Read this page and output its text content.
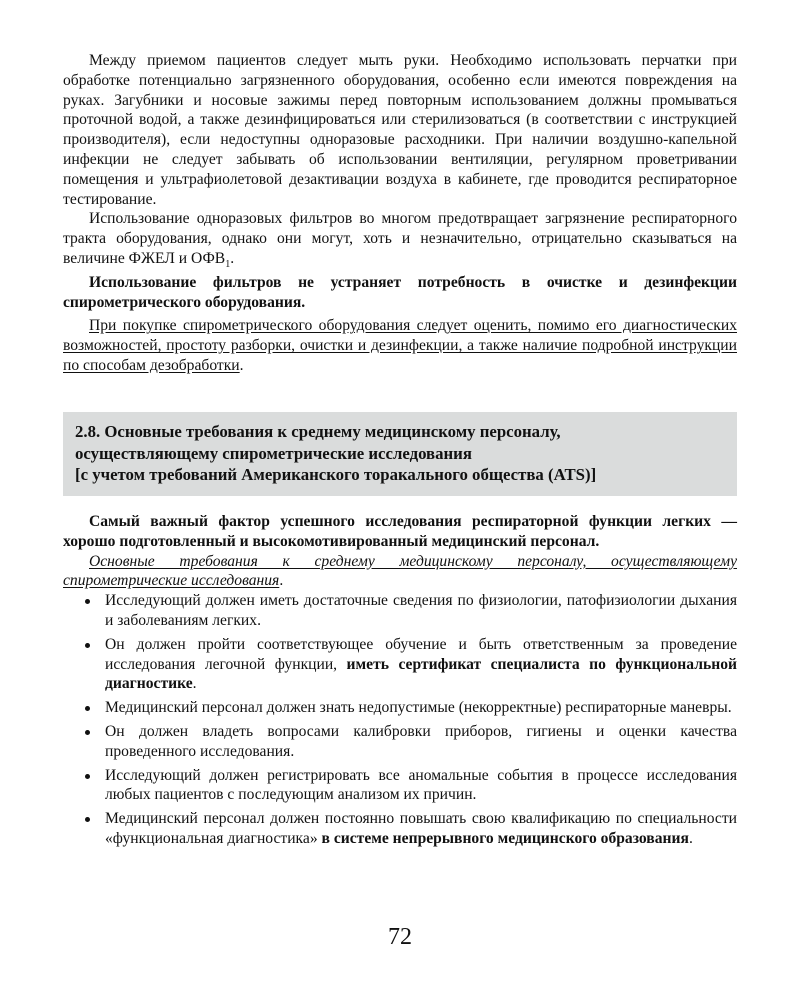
Между приемом пациентов следует мыть руки. Необходимо использовать перчатки при обработке потенциально загрязненного оборудования, особенно если имеются повреждения на руках. Загубники и носовые зажимы перед повторным использованием должны промываться проточной водой, а также дезинфицироваться или стерилизоваться (в соответствии с инструкцией производителя), если недоступны одноразовые расходники. При наличии воздушно-капельной инфекции не следует забывать об использовании вентиляции, регулярном проветривании помещения и ультрафиолетовой дезактивации воздуха в кабинете, где проводится респираторное тестирование.

Использование одноразовых фильтров во многом предотвращает загрязнение респираторного тракта оборудования, однако они могут, хоть и незначительно, отрицательно сказываться на величине ФЖЕЛ и $ОФВ_1$.

Использование фильтров не устраняет потребность в очистке и дезинфекции спирометрического оборудования.

При покупке спирометрического оборудования следует оценить, помимо его диагностических возможностей, простоту разборки, очистки и дезинфекции, а также наличие подробной инструкции по способам дезобработки.

2.8. Основные требования к среднему медицинскому персоналу,
осуществляющему спирометрические исследования
[с учетом требований Американского торакального общества (ATS)]

Самый важный фактор успешного исследования респираторной функции легких — хорошо подготовленный и высокомотивированный медицинский персонал.

Основные требования к среднему медицинскому персоналу, осуществляющему спирометрические исследования.

Исследующий должен иметь достаточные сведения по физиологии, патофизиологии дыхания и заболеваниям легких.
Он должен пройти соответствующее обучение и быть ответственным за проведение исследования легочной функции, иметь сертификат специалиста по функциональной диагностике.
Медицинский персонал должен знать недопустимые (некорректные) респираторные маневры.
Он должен владеть вопросами калибровки приборов, гигиены и оценки качества проведенного исследования.
Исследующий должен регистрировать все аномальные события в процессе исследования любых пациентов с последующим анализом их причин.
Медицинский персонал должен постоянно повышать свою квалификацию по специальности «функциональная диагностика» в системе непрерывного медицинского образования.
72
